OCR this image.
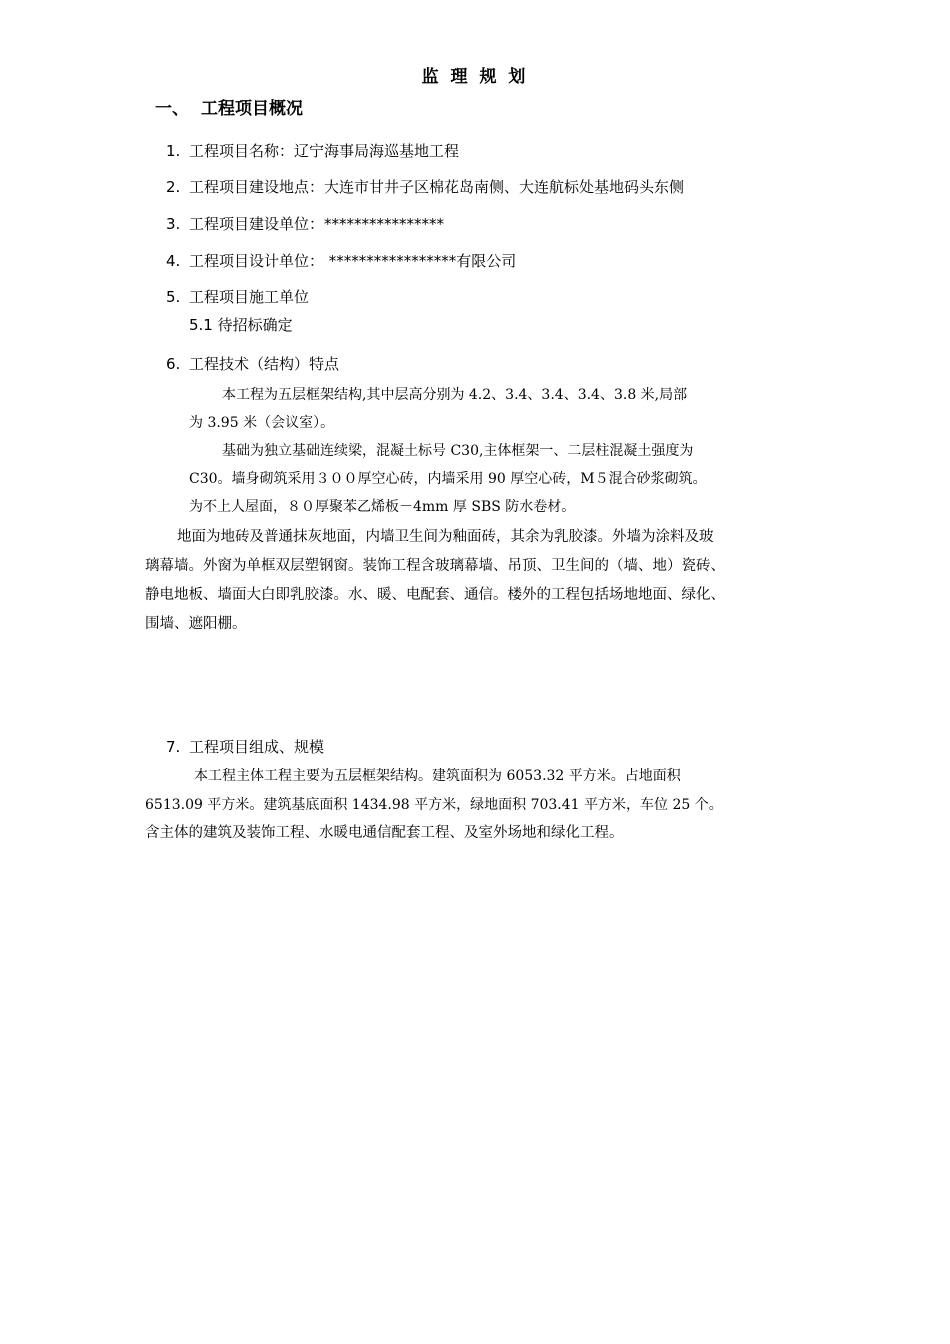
监 理 规 划
一、 工程项目概况
1. 工程项目名称：辽宁海事局海巡基地工程
2. 工程项目建设地点：大连市甘井子区棉花岛南侧、大连航标处基地码头东侧
3. 工程项目建设单位：****************
4. 工程项目设计单位： *****************有限公司
5. 工程项目施工单位
5.1 待招标确定
6. 工程技术（结构）特点
本工程为五层框架结构,其中层高分别为 4.2、3.4、3.4、3.4、3.8 米,局部
为 3.95 米（会议室）。
基础为独立基础连续梁，混凝土标号 C30,主体框架一、二层柱混凝土强度为
C30。墙身砌筑采用３００厚空心砖，内墙采用 90 厚空心砖，M５混合砂浆砌筑。
为不上人屋面，８０厚聚苯乙烯板－4mm 厚 SBS 防水卷材。
地面为地砖及普通抹灰地面，内墙卫生间为釉面砖，其余为乳胶漆。外墙为涂料及玻
璃幕墙。外窗为单框双层塑钢窗。装饰工程含玻璃幕墙、吊顶、卫生间的（墙、地）瓷砖、
静电地板、墙面大白即乳胶漆。水、暖、电配套、通信。楼外的工程包括场地地面、绿化、
围墙、遮阳棚。
7. 工程项目组成、规模
本工程主体工程主要为五层框架结构。建筑面积为 6053.32 平方米。占地面积
6513.09 平方米。建筑基底面积 1434.98 平方米，绿地面积 703.41 平方米，车位 25 个。
含主体的建筑及装饰工程、水暖电通信配套工程、及室外场地和绿化工程。
